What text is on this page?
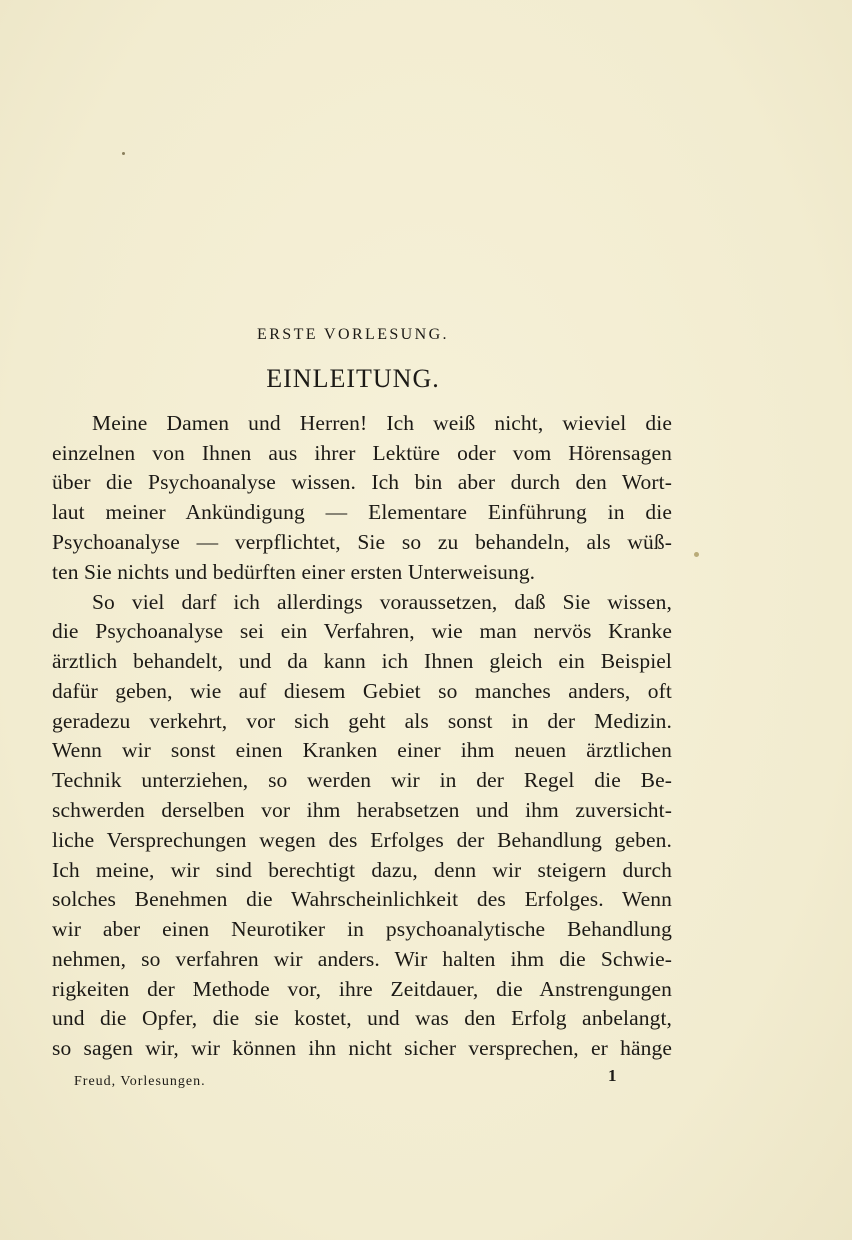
ERSTE VORLESUNG.
EINLEITUNG.
Meine Damen und Herren! Ich weiß nicht, wieviel die
einzelnen von Ihnen aus ihrer Lektüre oder vom Hörensagen
über die Psychoanalyse wissen. Ich bin aber durch den Wort-
laut meiner Ankündigung — Elementare Einführung in die
Psychoanalyse — verpflichtet, Sie so zu behandeln, als wüß-
ten Sie nichts und bedürften einer ersten Unterweisung.
So viel darf ich allerdings voraussetzen, daß Sie wissen,
die Psychoanalyse sei ein Verfahren, wie man nervös Kranke
ärztlich behandelt, und da kann ich Ihnen gleich ein Beispiel
dafür geben, wie auf diesem Gebiet so manches anders, oft
geradezu verkehrt, vor sich geht als sonst in der Medizin.
Wenn wir sonst einen Kranken einer ihm neuen ärztlichen
Technik unterziehen, so werden wir in der Regel die Be-
schwerden derselben vor ihm herabsetzen und ihm zuversicht-
liche Versprechungen wegen des Erfolges der Behandlung geben.
Ich meine, wir sind berechtigt dazu, denn wir steigern durch
solches Benehmen die Wahrscheinlichkeit des Erfolges. Wenn
wir aber einen Neurotiker in psychoanalytische Behandlung
nehmen, so verfahren wir anders. Wir halten ihm die Schwie-
rigkeiten der Methode vor, ihre Zeitdauer, die Anstrengungen
und die Opfer, die sie kostet, und was den Erfolg anbelangt,
so sagen wir, wir können ihn nicht sicher versprechen, er hänge
Freud, Vorlesungen.	1
